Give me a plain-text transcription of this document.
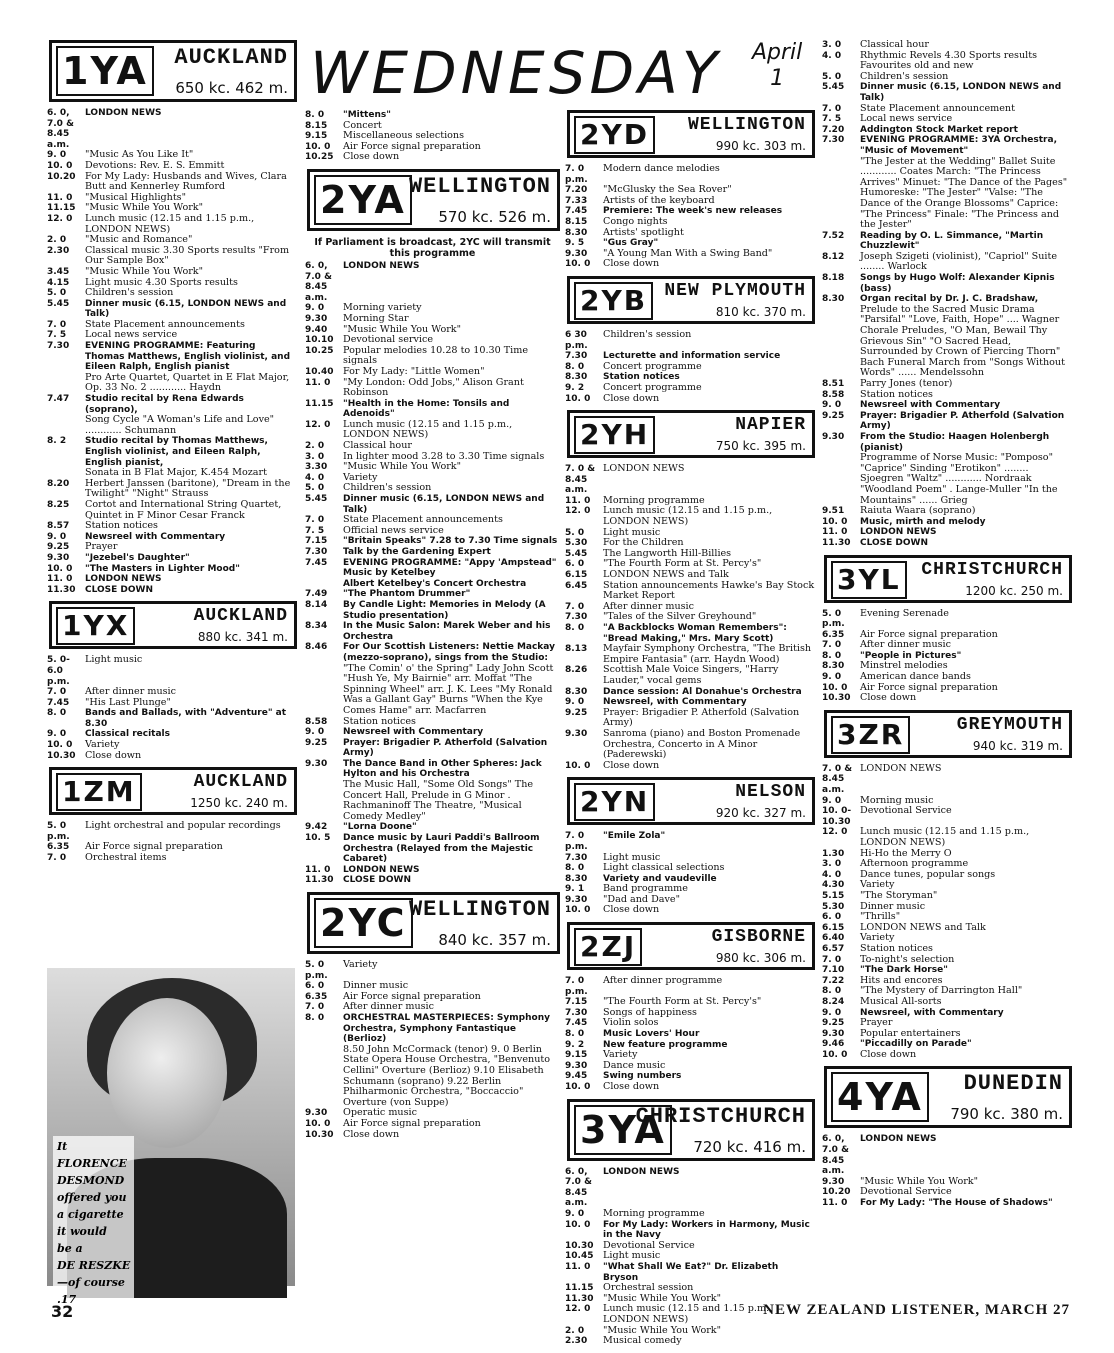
WEDNESDAY April
1
1YA AUCKLAND
650 kc. 462 m.
6. 0, 7.0 & 8.45 a.m.
LONDON NEWS
9. 0	"Music As You Like It"
10. 0	Devotions: Rev. E. S. Emmitt
10.20 For My Lady: Husbands and Wives, Clara Butt and Kennerley Rumford
11. 0	"Musical Highlights"
11.15 "Music While You Work"
12. 0	Lunch music (12.15 and 1.15 p.m., LONDON NEWS)
2. 0	"Music and Romance"
2.30	Classical music 3.30 Sports results "From Our Sample Box"
3.45	"Music While You Work"
4.15	Light music 4.30 Sports results
5. 0	Children's session
5.45	Dinner music (6.15, LONDON NEWS and Talk)
7. 0	State Placement announcements
7. 5	Local news service
7.30	EVENING PROGRAMME: Featuring Thomas Matthews, English violinist, and Eileen Ralph, English pianist
Pro Arte Quartet, Quartet in E Flat Major, Op. 33 No. 2 ............ Haydn
7.47	Studio recital by Rena Edwards (soprano),
Song Cycle "A Woman's Life and Love" ............ Schumann
8. 2	Studio recital by Thomas Matthews, English violinist, and Eileen Ralph, English pianist,
Sonata in B Flat Major, K.454 Mozart
8.20	Herbert Janssen (baritone), "Dream in the Twilight" "Night" Strauss
8.25	Cortot and International String Quartet, Quintet in F Minor Cesar Franck
8.57	Station notices
9. 0	Newsreel with Commentary
9.25	Prayer
9.30	"Jezebel's Daughter"
10. 0	"The Masters in Lighter Mood"
11. 0	LONDON NEWS
11.30	CLOSE DOWN
1YX	AUCKLAND
880 kc. 341 m.
5. 0-6.0 p.m.
Light music
7. 0	After dinner music
7.45	"His Last Plunge"
8. 0	Bands and Ballads, with "Adventure" at 8.30
9. 0	Classical recitals
10. 0	Variety
10.30 Close down
1ZM	AUCKLAND
1250 kc. 240 m.
5. 0 p.m.
Light orchestral and popular recordings
6.35	Air Force signal preparation
7. 0	Orchestral items
8. 0	"Mittens"
8.15	Concert
9.15	Miscellaneous selections
10. 0	Air Force signal preparation
10.25 Close down
2YA WELLINGTON
570 kc. 526 m.
If Parliament is broadcast, 2YC will transmit this programme
6. 0, 7.0 & 8.45 a.m.
LONDON NEWS
9. 0	Morning variety
9.30	Morning Star
9.40	"Music While You Work"
10.10 Devotional service
10.25 Popular melodies 10.28 to 10.30 Time signals
10.40 For My Lady: "Little Women"
11. 0	"My London: Odd Jobs," Alison Grant Robinson
11.15	"Health in the Home: Tonsils and Adenoids"
12. 0	Lunch music (12.15 and 1.15 p.m., LONDON NEWS)
2. 0	Classical hour
3. 0	In lighter mood 3.28 to 3.30 Time signals
3.30	"Music While You Work"
4. 0	Variety
5. 0	Children's session
5.45	Dinner music (6.15, LONDON NEWS and Talk)
7. 0	State Placement announcements
7. 5	Official news service
7.15	"Britain Speaks" 7.28 to 7.30 Time signals
7.30	Talk by the Gardening Expert
7.45	EVENING PROGRAMME: "Appy 'Ampstead" Music by Ketelbey
Albert Ketelbey's Concert Orchestra
7.49	"The Phantom Drummer"
8.14	By Candle Light: Memories in Melody (A Studio presentation)
8.34	In the Music Salon: Marek Weber and his Orchestra
8.46	For Our Scottish Listeners: Nettie Mackay (mezzo-soprano), sings from the Studio:
"The Comin' o' the Spring" Lady John Scott "Hush Ye, My Bairnie" arr. Moffat "The Spinning Wheel" arr. J. K. Lees "My Ronald Was a Gallant Gay" Burns "When the Kye Comes Hame" arr. Macfarren
8.58	Station notices
9. 0	Newsreel with Commentary
9.25	Prayer: Brigadier P. Atherfold (Salvation Army)
9.30	The Dance Band in Other Spheres: Jack Hylton and his Orchestra
The Music Hall, "Some Old Songs" The Concert Hall, Prelude in G Minor . Rachmaninoff The Theatre, "Musical Comedy Medley"
9.42	"Lorna Doone"
10. 5	Dance music by Lauri Paddi's Ballroom Orchestra (Relayed from the Majestic Cabaret)
11. 0	LONDON NEWS
11.30	CLOSE DOWN
2YC WELLINGTON
840 kc. 357 m.
5. 0 p.m.
Variety
6. 0	Dinner music
6.35	Air Force signal preparation
7. 0	After dinner music
8. 0	ORCHESTRAL MASTERPIECES: Symphony Orchestra, Symphony Fantastique (Berlioz)
8.50 John McCormack (tenor) 9. 0 Berlin State Opera House Orchestra, "Benvenuto Cellini" Overture (Berlioz) 9.10 Elisabeth Schumann (soprano) 9.22 Berlin Philharmonic Orchestra, "Boccaccio" Overture (von Suppe)
9.30	Operatic music
10. 0	Air Force signal preparation
10.30 Close down
2YD	WELLINGTON
990 kc. 303 m.
7. 0 p.m.
Modern dance melodies
7.20	"McGlusky the Sea Rover"
7.33	Artists of the keyboard
7.45	Premiere: The week's new releases
8.15	Congo nights
8.30	Artists' spotlight
9. 5	"Gus Gray"
9.30	"A Young Man With a Swing Band"
10. 0	Close down
2YB NEW PLYMOUTH
810 kc. 370 m.
6 30 p.m.
Children's session
7.30	Lecturette and information service
8. 0	Concert programme
8.30	Station notices
9. 2	Concert programme
10. 0	Close down
2YH	NAPIER
750 kc. 395 m.
7. 0 & 8.45 a.m.
LONDON NEWS
11. 0	Morning programme
12. 0	Lunch music (12.15 and 1.15 p.m., LONDON NEWS)
5. 0	Light music
5.30	For the Children
5.45	The Langworth Hill-Billies
6. 0	"The Fourth Form at St. Percy's"
6.15	LONDON NEWS and Talk
6.45	Station announcements Hawke's Bay Stock Market Report
7. 0	After dinner music
7.30	"Tales of the Silver Greyhound"
8. 0	"A Backblocks Woman Remembers": "Bread Making," Mrs. Mary Scott)
8.13	Mayfair Symphony Orchestra, "The British Empire Fantasia" (arr. Haydn Wood)
8.26	Scottish Male Voice Singers, "Harry Lauder," vocal gems
8.30	Dance session: Al Donahue's Orchestra
9. 0	Newsreel, with Commentary
9.25	Prayer: Brigadier P. Atherfold (Salvation Army)
9.30	Sanroma (piano) and Boston Promenade Orchestra, Concerto in A Minor (Paderewski)
10. 0	Close down
2YN	NELSON
920 kc. 327 m.
7. 0 p.m.
"Emile Zola"
7.30	Light music
8. 0	Light classical selections
8.30	Variety and vaudeville
9. 1	Band programme
9.30	"Dad and Dave"
10. 0	Close down
2ZJ	GISBORNE
980 kc. 306 m.
7. 0 p.m.
After dinner programme
7.15	"The Fourth Form at St. Percy's"
7.30	Songs of happiness
7.45	Violin solos
8. 0	Music Lovers' Hour
9. 2	New feature programme
9.15	Variety
9.30	Dance music
9.45	Swing numbers
10. 0	Close down
3YA
CHRISTCHURCH
720 kc. 416 m.
6. 0, 7.0 & 8.45 a.m.
LONDON NEWS
9. 0	Morning programme
10. 0	For My Lady: Workers in Harmony, Music in the Navy
10.30 Devotional Service
10.45 Light music
11. 0	"What Shall We Eat?" Dr. Elizabeth Bryson
11.15 Orchestral session
11.30 "Music While You Work"
12. 0	Lunch music (12.15 and 1.15 p.m., LONDON NEWS)
2. 0	"Music While You Work"
2.30	Musical comedy
3. 0	Classical hour
4. 0	Rhythmic Revels 4.30 Sports results Favourites old and new
5. 0	Children's session
5.45	Dinner music (6.15, LONDON NEWS and Talk)
7. 0	State Placement announcement
7. 5	Local news service
7.20	Addington Stock Market report
7.30	EVENING PROGRAMME: 3YA Orchestra, "Music of Movement"
"The Jester at the Wedding" Ballet Suite ............ Coates March: "The Princess Arrives" Minuet: "The Dance of the Pages" Humoreske: "The Jester" "Valse: "The Dance of the Orange Blossoms" Caprice: "The Princess" Finale: "The Princess and the Jester"
7.52	Reading by O. L. Simmance, "Martin Chuzzlewit"
8.12	Joseph Szigeti (violinist), "Capriol" Suite ........ Warlock
8.18	Songs by Hugo Wolf: Alexander Kipnis (bass)
8.30	Organ recital by Dr. J. C. Bradshaw,
Prelude to the Sacred Music Drama "Parsifal" "Love, Faith, Hope" .... Wagner Chorale Preludes, "O Man, Bewail Thy Grievous Sin" "O Sacred Head, Surrounded by Crown of Piercing Thorn" Bach Funeral March from "Songs Without Words" ...... Mendelssohn
8.51	Parry Jones (tenor)
8.58	Station notices
9. 0	Newsreel with Commentary
9.25	Prayer: Brigadier P. Atherfold (Salvation Army)
9.30	From the Studio: Haagen Holenbergh (pianist)
Programme of Norse Music: "Pomposo" "Caprice" Sinding "Erotikon" ........ Sjoegren "Waltz" ............ Nordraak "Woodland Poem" . Lange-Muller "In the Mountains" ...... Grieg
9.51	Raiuta Waara (soprano)
10. 0	Music, mirth and melody
11. 0	LONDON NEWS
11.30	CLOSE DOWN
3YL	CHRISTCHURCH
1200 kc. 250 m.
5. 0 p.m.
Evening Serenade
6.35	Air Force signal preparation
7. 0	After dinner music
8. 0	"People in Pictures"
8.30	Minstrel melodies
9. 0	American dance bands
10. 0	Air Force signal preparation
10.30 Close down
3ZR	GREYMOUTH
940 kc. 319 m.
7. 0 & 8.45 a.m.
LONDON NEWS
9. 0	Morning music
10. 0-10.30
Devotional Service
12. 0	Lunch music (12.15 and 1.15 p.m., LONDON NEWS)
1.30	Hi-Ho the Merry O
3. 0	Afternoon programme
4. 0	Dance tunes, popular songs
4.30	Variety
5.15	"The Storyman"
5.30	Dinner music
6. 0	"Thrills"
6.15	LONDON NEWS and Talk
6.40	Variety
6.57	Station notices
7. 0	To-night's selection
7.10	"The Dark Horse"
7.22	Hits and encores
8. 0	"The Mystery of Darrington Hall"
8.24	Musical All-sorts
9. 0	Newsreel, with Commentary
9.25	Prayer
9.30	Popular entertainers
9.46	"Piccadilly on Parade"
10. 0	Close down
4YA DUNEDIN
790 kc. 380 m.
6. 0, 7.0 & 8.45 a.m.
LONDON NEWS
9.30	"Music While You Work"
10.20 Devotional Service
11. 0	For My Lady: "The House of Shadows"
It
FLORENCE
DESMOND
offered you
a cigarette
it would
be a
DE RESZKE
—of course
.17
32	NEW ZEALAND LISTENER, MARCH 27
